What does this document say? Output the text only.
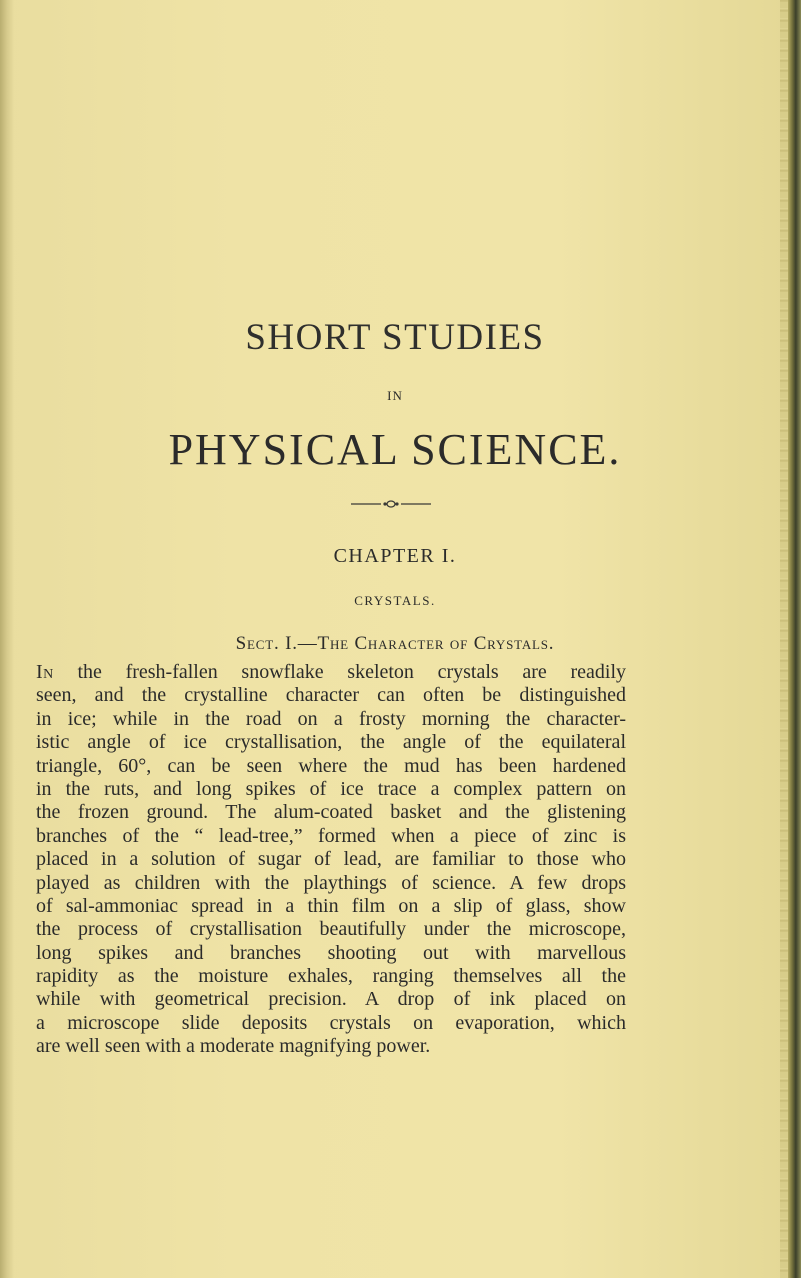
SHORT STUDIES
IN
PHYSICAL SCIENCE.
CHAPTER I.
CRYSTALS.
Sect. I.—The Character of Crystals.
In the fresh-fallen snowflake skeleton crystals are readily
seen, and the crystalline character can often be distinguished
in ice; while in the road on a frosty morning the character-
istic angle of ice crystallisation, the angle of the equilateral
triangle, 60°, can be seen where the mud has been hardened
in the ruts, and long spikes of ice trace a complex pattern on
the frozen ground. The alum-coated basket and the glistening
branches of the “ lead-tree,” formed when a piece of zinc is
placed in a solution of sugar of lead, are familiar to those who
played as children with the playthings of science. A few drops
of sal-ammoniac spread in a thin film on a slip of glass, show
the process of crystallisation beautifully under the microscope,
long spikes and branches shooting out with marvellous
rapidity as the moisture exhales, ranging themselves all the
while with geometrical precision. A drop of ink placed on
a microscope slide deposits crystals on evaporation, which
are well seen with a moderate magnifying power.
